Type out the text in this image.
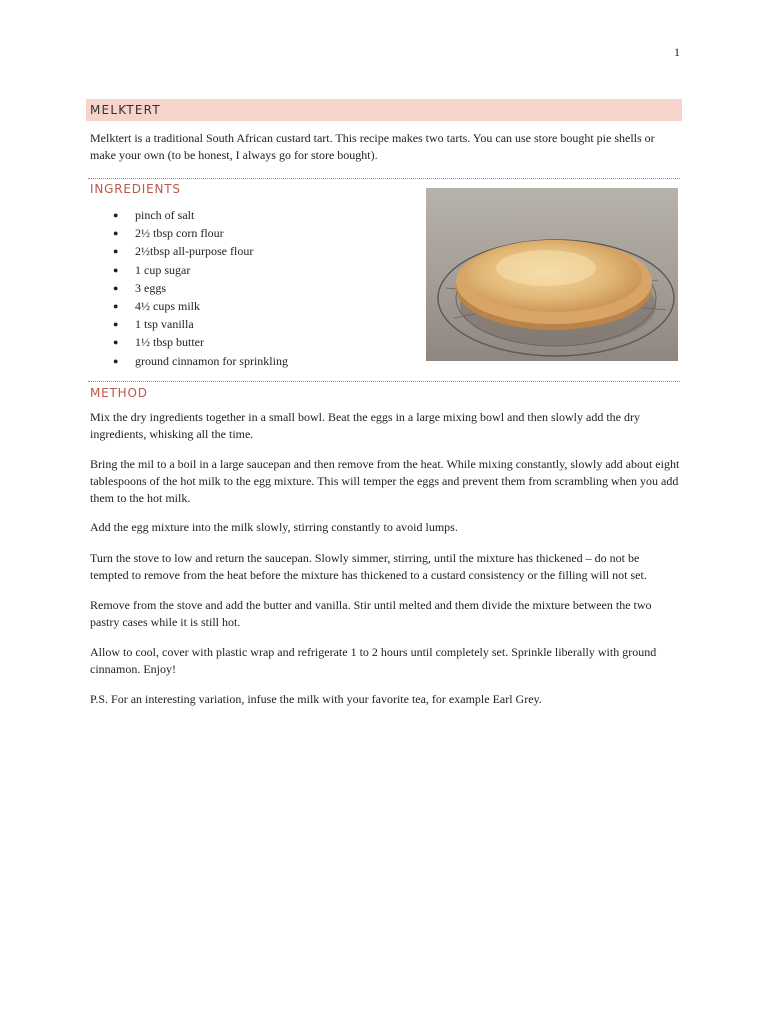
1
MELKTERT

Melktert is a traditional South African custard tart. This recipe makes two tarts. You can use store bought pie shells or make your own (to be honest, I always go for store bought).

INGREDIENTS
● pinch of salt
● 2½ tbsp corn flour
● 2½tbsp all-purpose flour
● 1 cup sugar
● 3 eggs
● 4½ cups milk
● 1 tsp vanilla
● 1½ tbsp butter
● ground cinnamon for sprinkling
METHOD

Mix the dry ingredients together in a small bowl. Beat the eggs in a large mixing bowl and then slowly add the dry ingredients, whisking all the time.

Bring the mil to a boil in a large saucepan and then remove from the heat. While mixing constantly, slowly add about eight tablespoons of the hot milk to the egg mixture. This will temper the eggs and prevent them from scrambling when you add them to the hot milk.

Add the egg mixture into the milk slowly, stirring constantly to avoid lumps.

Turn the stove to low and return the saucepan. Slowly simmer, stirring, until the mixture has thickened – do not be tempted to remove from the heat before the mixture has thickened to a custard consistency or the filling will not set.

Remove from the stove and add the butter and vanilla. Stir until melted and them divide the mixture between the two pastry cases while it is still hot.

Allow to cool, cover with plastic wrap and refrigerate 1 to 2 hours until completely set. Sprinkle liberally with ground cinnamon. Enjoy!

P.S. For an interesting variation, infuse the milk with your favorite tea, for example Earl Grey.
